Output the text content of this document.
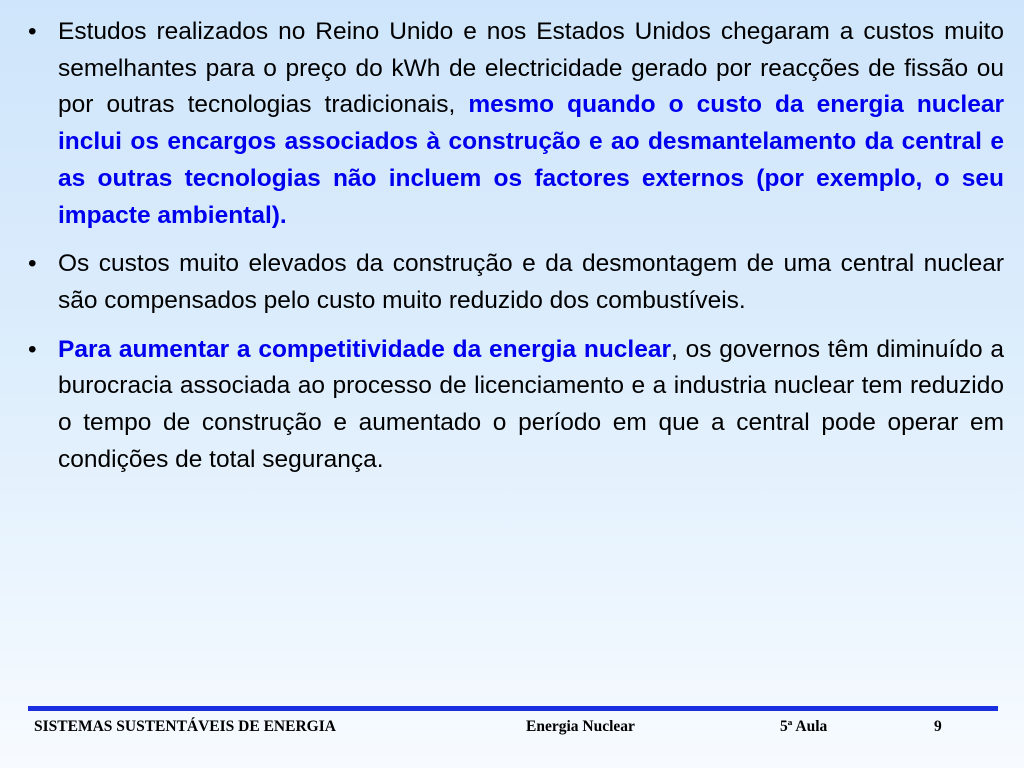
• Estudos realizados no Reino Unido e nos Estados Unidos chegaram a custos muito semelhantes para o preço do kWh de electricidade gerado por reacções de fissão ou por outras tecnologias tradicionais, mesmo quando o custo da energia nuclear inclui os encargos associados à construção e ao desmantelamento da central e as outras tecnologias não incluem os factores externos (por exemplo, o seu impacte ambiental).
• Os custos muito elevados da construção e da desmontagem de uma central nuclear são compensados pelo custo muito reduzido dos combustíveis.
• Para aumentar a competitividade da energia nuclear, os governos têm diminuído a burocracia associada ao processo de licenciamento e a industria nuclear tem reduzido o tempo de construção e aumentado o período em que a central pode operar em condições de total segurança.
SISTEMAS SUSTENTÁVEIS DE ENERGIA	Energia Nuclear	5ª Aula	9
